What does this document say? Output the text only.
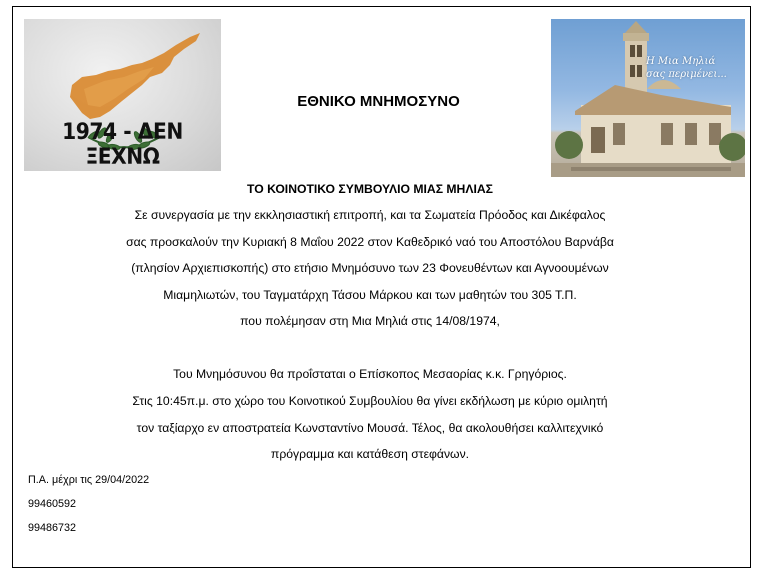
1974 - ΔΕΝ ΞΕΧΝΩ
Η Μια Μηλιά
σας περιμένει...
ΕΘΝΙΚΟ ΜΝΗΜΟΣΥΝΟ
ΤΟ ΚΟΙΝΟΤΙΚΟ ΣΥΜΒΟΥΛΙΟ ΜΙΑΣ ΜΗΛΙΑΣ
Σε συνεργασία με την εκκλησιαστική επιτροπή, και τα Σωματεία Πρόοδος και Δικέφαλος
σας προσκαλούν την Κυριακή 8 Μαΐου 2022 στον Καθεδρικό ναό του Αποστόλου Βαρνάβα
(πλησίον Αρχιεπισκοπής) στο ετήσιο Μνημόσυνο των 23 Φονευθέντων και Αγνοουμένων
Μιαμηλιωτών, του Ταγματάρχη Τάσου Μάρκου και των μαθητών του 305 Τ.Π.
που πολέμησαν στη Μια Μηλιά στις 14/08/1974,
Του Μνημόσυνου θα προΐσταται ο Επίσκοπος Μεσαορίας κ.κ. Γρηγόριος.
Στις 10:45π.μ. στο χώρο του Κοινοτικού Συμβουλίου θα γίνει εκδήλωση με κύριο ομιλητή
τον ταξίαρχο εν αποστρατεία Κωνσταντίνο Μουσά. Τέλος, θα ακολουθήσει καλλιτεχνικό
πρόγραμμα και κατάθεση στεφάνων.
Π.Α. μέχρι τις 29/04/2022
99460592
99486732
